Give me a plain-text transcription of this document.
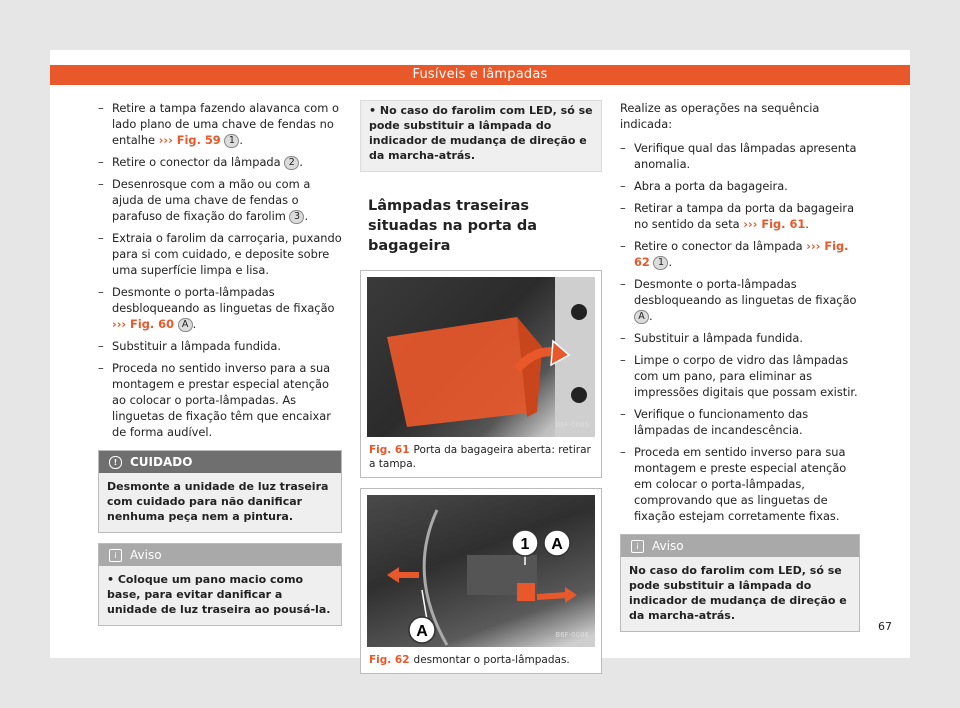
Fusíveis e lâmpadas
– Retire a tampa fazendo alavanca com o lado plano de uma chave de fendas no entalhe ››› Fig. 59 1 .
– Retire o conector da lâmpada 2 .
– Desenrosque com a mão ou com a ajuda de uma chave de fendas o parafuso de fixação do farolim 3 .
– Extraia o farolim da carroçaria, puxando para si com cuidado, e deposite sobre uma superfície limpa e lisa.
– Desmonte o porta-lâmpadas desbloqueando as linguetas de fixação ››› Fig. 60 A .
– Substituir a lâmpada fundida.
– Proceda no sentido inverso para a sua montagem e prestar especial atenção ao colocar o porta-lâmpadas. As linguetas de fixação têm que encaixar de forma audível.
! CUIDADO
Desmonte a unidade de luz traseira com cuidado para não danificar nenhuma peça nem a pintura.
i Aviso
• Coloque um pano macio como base, para evitar danificar a unidade de luz traseira ao pousá-la.
• No caso do farolim com LED, só se pode substituir a lâmpada do indicador de mudança de direção e da marcha-atrás.
Lâmpadas traseiras situadas na porta da bagageira
B6F-0085
Fig. 61 Porta da bagageira aberta: retirar a tampa.
1 A
A	B6F-0086
Fig. 62 desmontar o porta-lâmpadas.

Realize as operações na sequência indicada:

– Verifique qual das lâmpadas apresenta anomalia.
– Abra a porta da bagageira.
– Retirar a tampa da porta da bagageira no sentido da seta ››› Fig. 61.
– Retire o conector da lâmpada ››› Fig. 62 1 .
– Desmonte o porta-lâmpadas desbloqueando as linguetas de fixação A .
– Substituir a lâmpada fundida.
– Limpe o corpo de vidro das lâmpadas com um pano, para eliminar as impressões digitais que possam existir.
– Verifique o funcionamento das lâmpadas de incandescência.
– Proceda em sentido inverso para sua montagem e preste especial atenção em colocar o porta-lâmpadas, comprovando que as linguetas de fixação estejam corretamente fixas.
i Aviso
No caso do farolim com LED, só se pode substituir a lâmpada do indicador de mudança de direção e da marcha-atrás.
67
